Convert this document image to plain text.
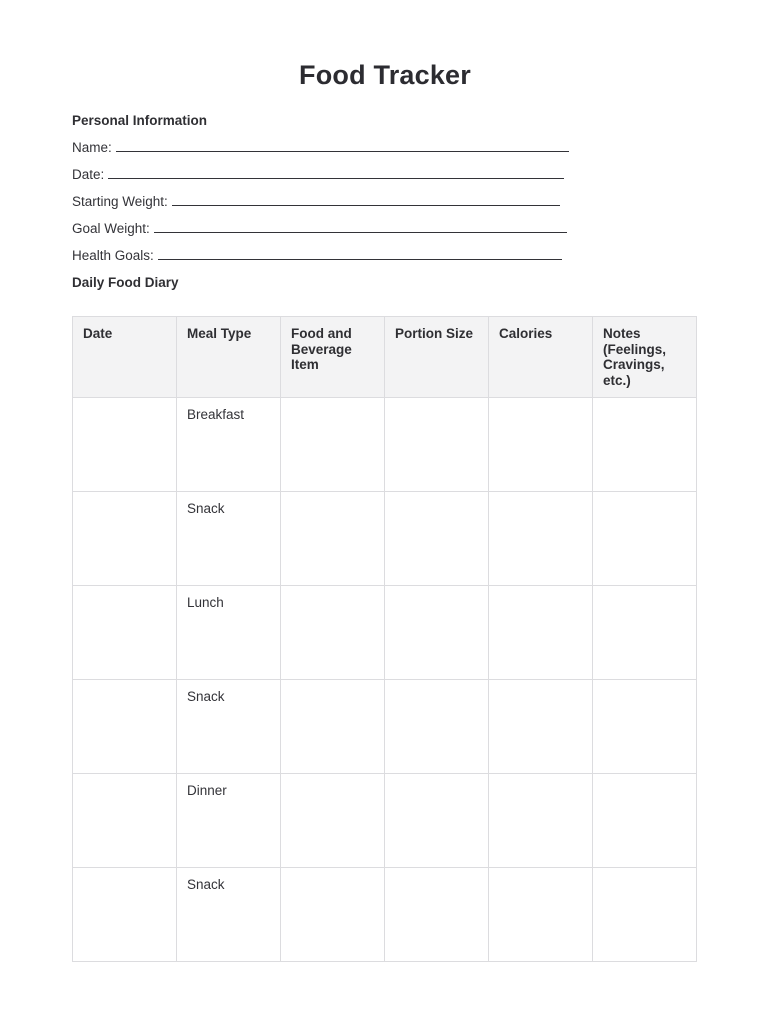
Food Tracker
Personal Information
Name:
Date:
Starting Weight:
Goal Weight:
Health Goals:
Daily Food Diary
Date	Meal Type	Food and Beverage Item	Portion Size	Calories	Notes (Feelings, Cravings, etc.)
	Breakfast				
	Snack				
	Lunch				
	Snack				
	Dinner				
	Snack				
